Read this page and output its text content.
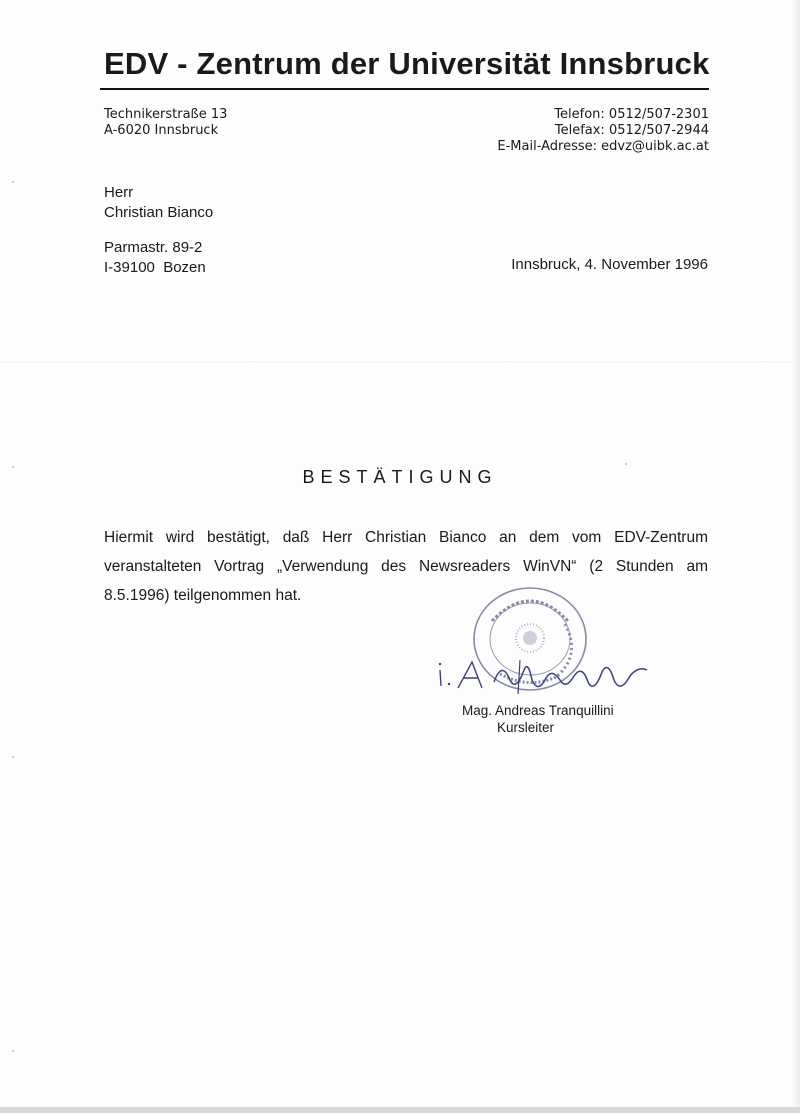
EDV - Zentrum der Universität Innsbruck
Technikerstraße 13
A-6020 Innsbruck
Telefon: 0512/507-2301
Telefax: 0512/507-2944
E-Mail-Adresse: edvz@uibk.ac.at
Herr
Christian Bianco
Parmastr. 89-2
I-39100  Bozen	Innsbruck, 4. November 1996
BESTÄTIGUNG
Hiermit wird bestätigt, daß Herr Christian Bianco an dem vom EDV-Zentrum veranstalteten Vortrag „Verwendung des Newsreaders WinVN“ (2 Stunden am 8.5.1996) teilgenommen hat.
Mag. Andreas Tranquillini
Kursleiter
